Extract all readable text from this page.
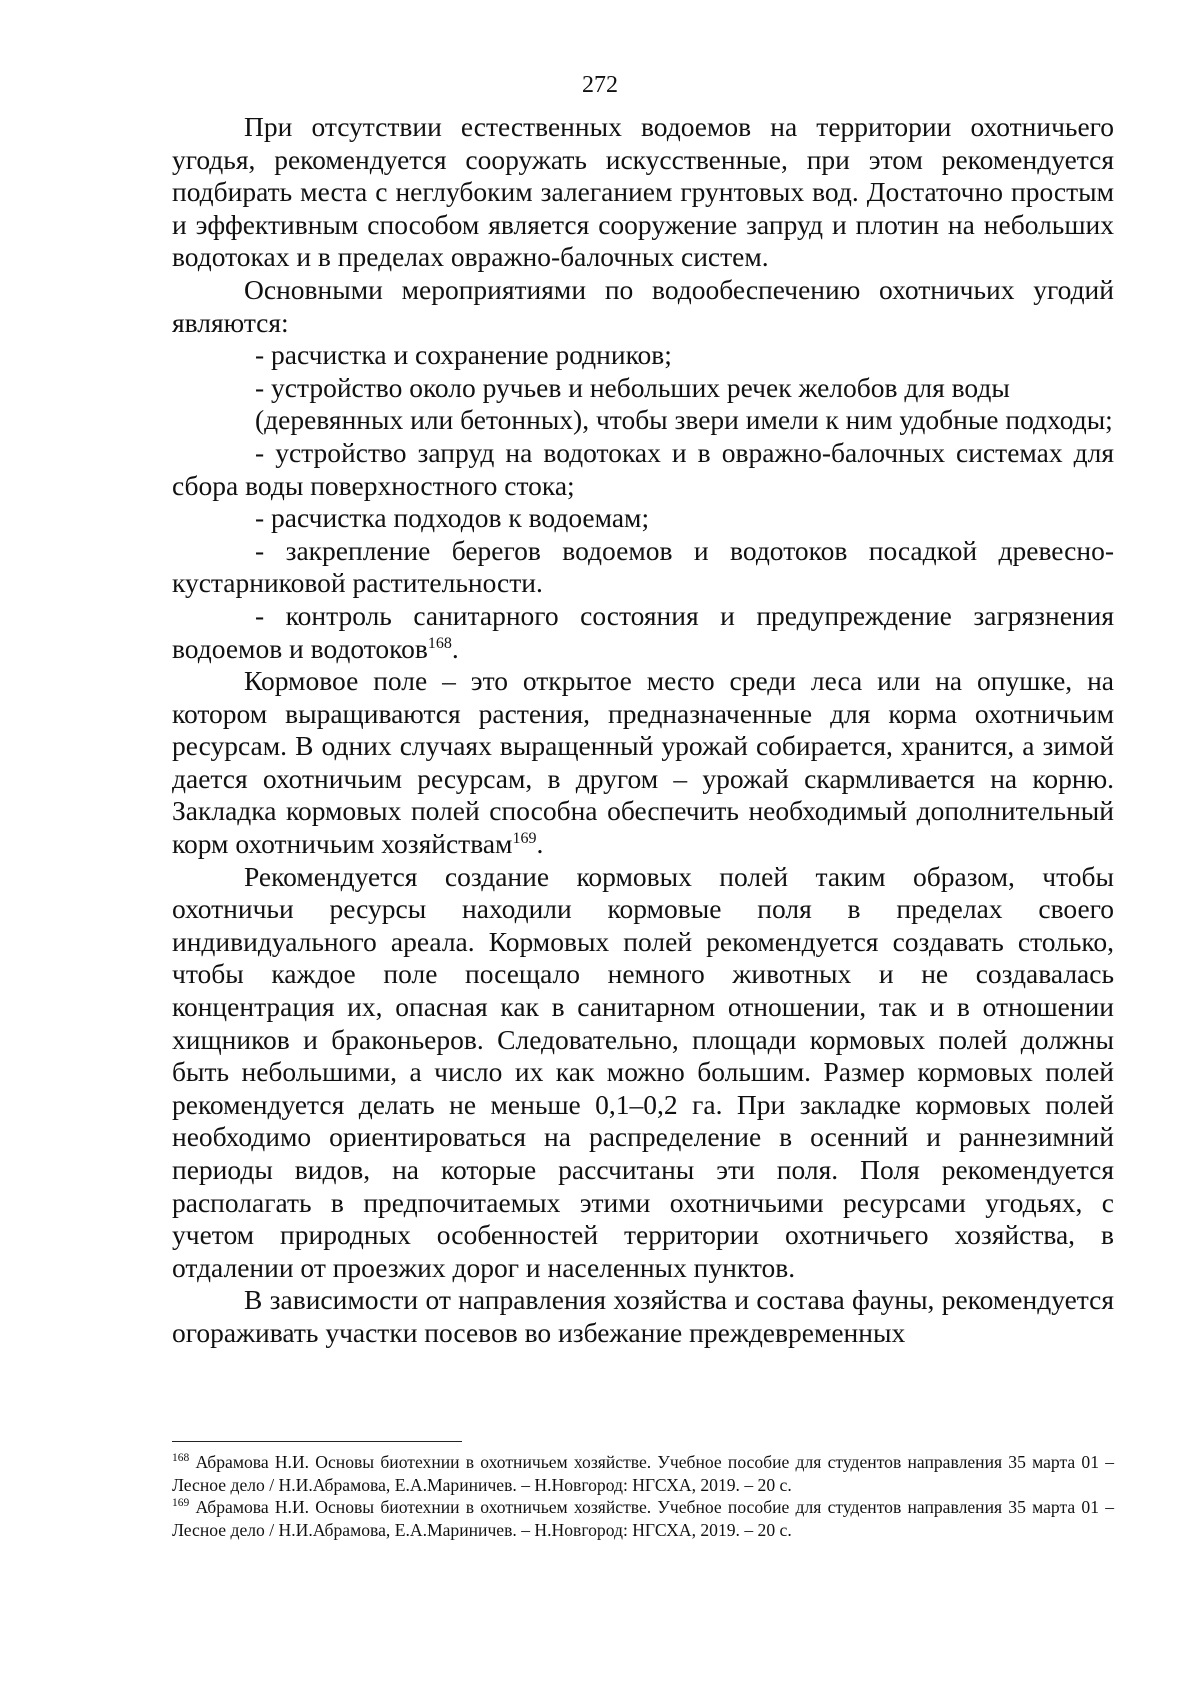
272

При отсутствии естественных водоемов на территории охотничьего угодья, рекомендуется сооружать искусственные, при этом рекомендуется подбирать места с неглубоким залеганием грунтовых вод. Достаточно простым и эффективным способом является сооружение запруд и плотин на небольших водотоках и в пределах овражно-балочных систем.

Основными мероприятиями по водообеспечению охотничьих угодий являются:

- расчистка и сохранение родников;

- устройство около ручьев и небольших речек желобов для воды

(деревянных или бетонных), чтобы звери имели к ним удобные подходы;

- устройство запруд на водотоках и в овражно-балочных системах для сбора воды поверхностного стока;

- расчистка подходов к водоемам;

- закрепление берегов водоемов и водотоков посадкой древесно-кустарниковой растительности.

- контроль санитарного состояния и предупреждение загрязнения водоемов и водотоков$^{168}$.

Кормовое поле – это открытое место среди леса или на опушке, на котором выращиваются растения, предназначенные для корма охотничьим ресурсам. В одних случаях выращенный урожай собирается, хранится, а зимой дается охотничьим ресурсам, в другом – урожай скармливается на корню. Закладка кормовых полей способна обеспечить необходимый дополнительный корм охотничьим хозяйствам$^{169}$.

Рекомендуется создание кормовых полей таким образом, чтобы охотничьи ресурсы находили кормовые поля в пределах своего индивидуального ареала. Кормовых полей рекомендуется создавать столько, чтобы каждое поле посещало немного животных и не создавалась концентрация их, опасная как в санитарном отношении, так и в отношении хищников и браконьеров. Следовательно, площади кормовых полей должны быть небольшими, а число их как можно большим. Размер кормовых полей рекомендуется делать не меньше 0,1–0,2 га. При закладке кормовых полей необходимо ориентироваться на распределение в осенний и раннезимний периоды видов, на которые рассчитаны эти поля. Поля рекомендуется располагать в предпочитаемых этими охотничьими ресурсами угодьях, с учетом природных особенностей территории охотничьего хозяйства, в отдалении от проезжих дорог и населенных пунктов.

В зависимости от направления хозяйства и состава фауны, рекомендуется огораживать участки посевов во избежание преждевременных

$^{168}$ Абрамова Н.И. Основы биотехнии в охотничьем хозяйстве. Учебное пособие для студентов направления 35 марта 01 – Лесное дело / Н.И.Абрамова, Е.А.Мариничев. – Н.Новгород: НГСХА, 2019. – 20 с.

$^{169}$ Абрамова Н.И. Основы биотехнии в охотничьем хозяйстве. Учебное пособие для студентов направления 35 марта 01 – Лесное дело / Н.И.Абрамова, Е.А.Мариничев. – Н.Новгород: НГСХА, 2019. – 20 с.
